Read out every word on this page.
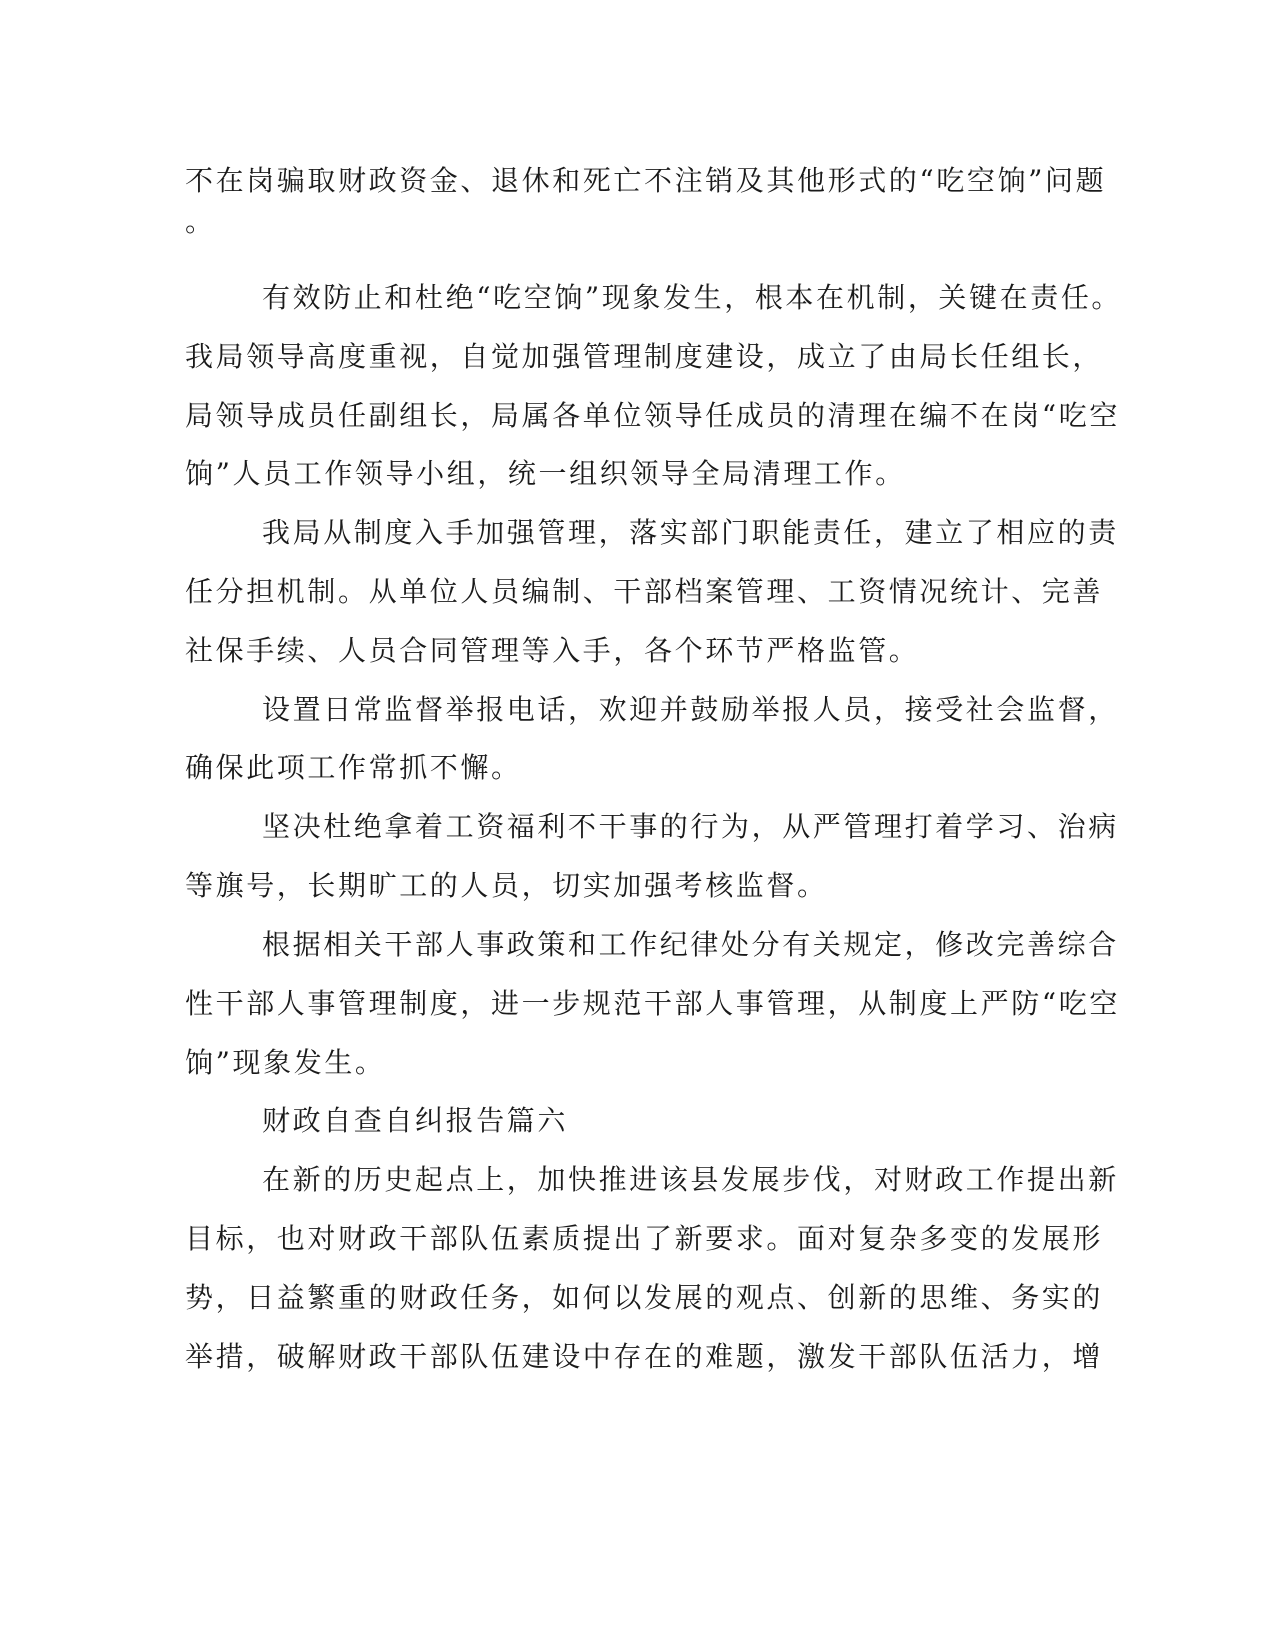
不在岗骗取财政资金、退休和死亡不注销及其他形式的“吃空饷”问题
。
有效防止和杜绝“吃空饷”现象发生，根本在机制，关键在责任。
我局领导高度重视，自觉加强管理制度建设，成立了由局长任组长，
局领导成员任副组长，局属各单位领导任成员的清理在编不在岗“吃空
饷”人员工作领导小组，统一组织领导全局清理工作。
我局从制度入手加强管理，落实部门职能责任，建立了相应的责
任分担机制。从单位人员编制、干部档案管理、工资情况统计、完善
社保手续、人员合同管理等入手，各个环节严格监管。
设置日常监督举报电话，欢迎并鼓励举报人员，接受社会监督，
确保此项工作常抓不懈。
坚决杜绝拿着工资福利不干事的行为，从严管理打着学习、治病
等旗号，长期旷工的人员，切实加强考核监督。
根据相关干部人事政策和工作纪律处分有关规定，修改完善综合
性干部人事管理制度，进一步规范干部人事管理，从制度上严防“吃空
饷”现象发生。
财政自查自纠报告篇六
在新的历史起点上，加快推进该县发展步伐，对财政工作提出新
目标，也对财政干部队伍素质提出了新要求。面对复杂多变的发展形
势，日益繁重的财政任务，如何以发展的观点、创新的思维、务实的
举措，破解财政干部队伍建设中存在的难题，激发干部队伍活力，增
